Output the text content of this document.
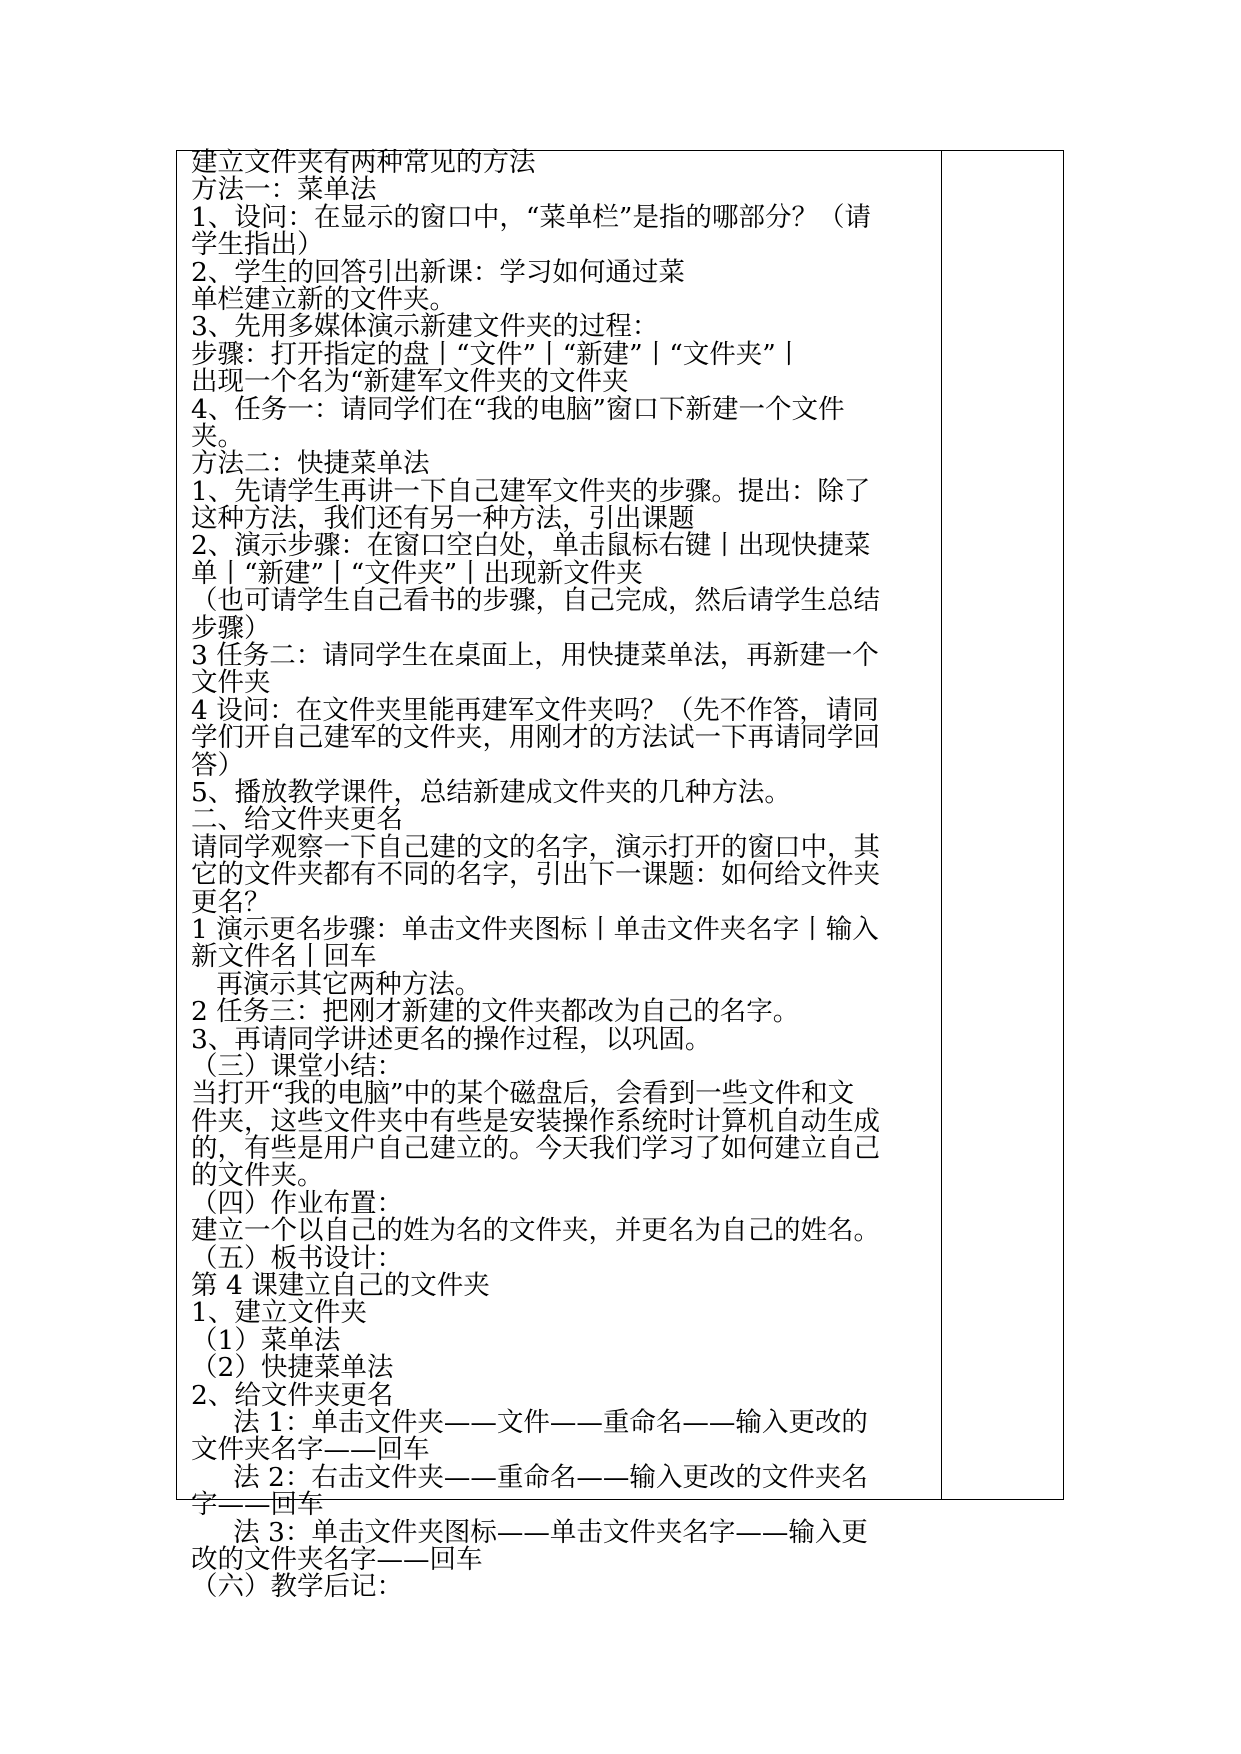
建立文件夹有两种常见的方法
方法一：菜单法
1、设问：在显示的窗口中，“菜单栏”是指的哪部分？（请
学生指出）
2、学生的回答引出新课：学习如何通过菜
单栏建立新的文件夹。
3、先用多媒体演示新建文件夹的过程：
步骤：打开指定的盘丨“文件”丨“新建”丨“文件夹”丨
出现一个名为“新建军文件夹的文件夹
4、任务一：请同学们在“我的电脑”窗口下新建一个文件
夹。
方法二：快捷菜单法
1、先请学生再讲一下自己建军文件夹的步骤。提出：除了
这种方法，我们还有另一种方法，引出课题
2、演示步骤：在窗口空白处，单击鼠标右键丨出现快捷菜
单丨“新建”丨“文件夹”丨出现新文件夹
（也可请学生自己看书的步骤，自己完成，然后请学生总结
步骤）
3 任务二：请同学生在桌面上，用快捷菜单法，再新建一个
文件夹
4 设问：在文件夹里能再建军文件夹吗？（先不作答，请同
学们开自己建军的文件夹，用刚才的方法试一下再请同学回
答）
5、播放教学课件，总结新建成文件夹的几种方法。
二、给文件夹更名
请同学观察一下自己建的文的名字，演示打开的窗口中，其
它的文件夹都有不同的名字，引出下一课题：如何给文件夹
更名？
1 演示更名步骤：单击文件夹图标丨单击文件夹名字丨输入
新文件名丨回车
再演示其它两种方法。
2 任务三：把刚才新建的文件夹都改为自己的名字。
3、再请同学讲述更名的操作过程，以巩固。
（三）课堂小结：
当打开“我的电脑”中的某个磁盘后，会看到一些文件和文
件夹，这些文件夹中有些是安装操作系统时计算机自动生成
的，有些是用户自己建立的。今天我们学习了如何建立自己
的文件夹。
（四）作业布置：
建立一个以自己的姓为名的文件夹，并更名为自己的姓名。
（五）板书设计：
第 4 课建立自己的文件夹
1、建立文件夹
（1）菜单法
（2）快捷菜单法
2、给文件夹更名
法 1：单击文件夹——文件——重命名——输入更改的
文件夹名字——回车
法 2：右击文件夹——重命名——输入更改的文件夹名
字——回车
法 3：单击文件夹图标——单击文件夹名字——输入更
改的文件夹名字——回车
（六）教学后记：
